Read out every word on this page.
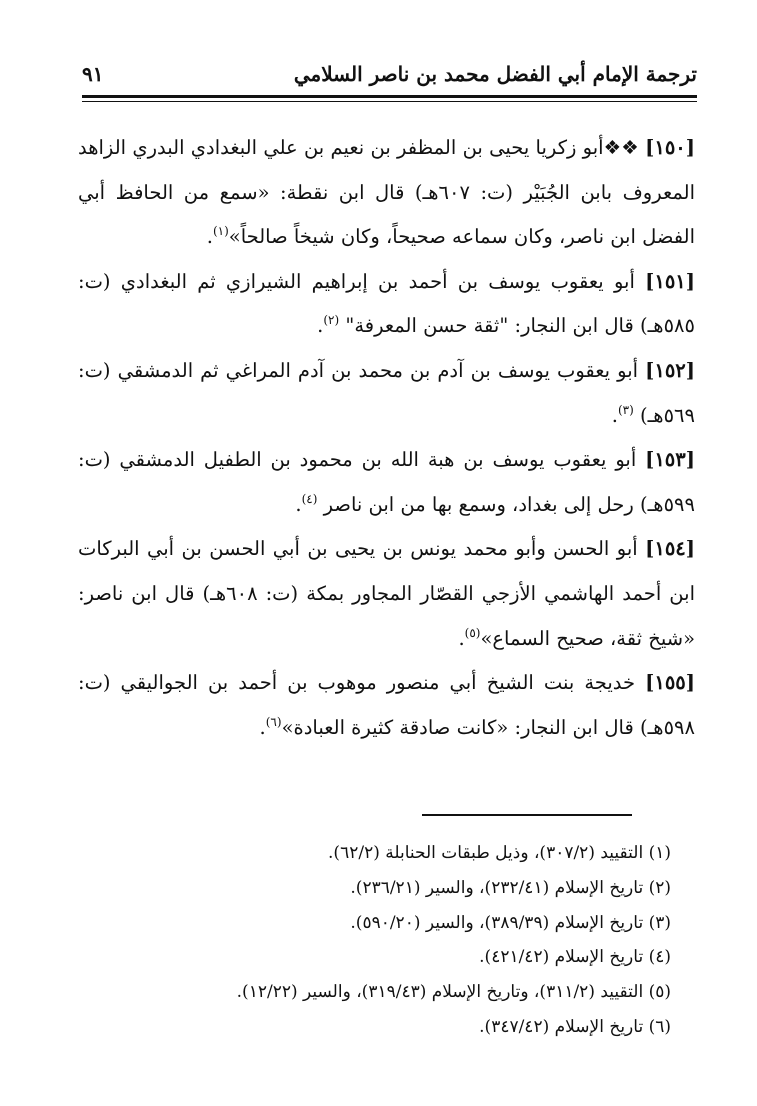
ترجمة الإمام أبي الفضل محمد بن ناصر السلامي
٩١

[١٥٠] ❖❖أبو زكريا يحيى بن المظفر بن نعيم بن علي البغدادي البدري الزاهد المعروف بابن الجُبَيْر (ت: ٦٠٧هـ) قال ابن نقطة: «سمع من الحافظ أبي الفضل ابن ناصر، وكان سماعه صحيحاً، وكان شيخاً صالحاً»$^{(١)}$.

[١٥١] أبو يعقوب يوسف بن أحمد بن إبراهيم الشيرازي ثم البغدادي (ت: ٥٨٥هـ) قال ابن النجار: "ثقة حسن المعرفة" $^{(٢)}$.

[١٥٢] أبو يعقوب يوسف بن آدم بن محمد بن آدم المراغي ثم الدمشقي (ت: ٥٦٩هـ) $^{(٣)}$.

[١٥٣] أبو يعقوب يوسف بن هبة الله بن محمود بن الطفيل الدمشقي (ت: ٥٩٩هـ) رحل إلى بغداد، وسمع بها من ابن ناصر $^{(٤)}$.

[١٥٤] أبو الحسن وأبو محمد يونس بن يحيى بن أبي الحسن بن أبي البركات ابن أحمد الهاشمي الأزجي القصّار المجاور بمكة (ت: ٦٠٨هـ) قال ابن ناصر: «شيخ ثقة، صحيح السماع»$^{(٥)}$.

[١٥٥] خديجة بنت الشيخ أبي منصور موهوب بن أحمد بن الجواليقي (ت: ٥٩٨هـ) قال ابن النجار: «كانت صادقة كثيرة العبادة»$^{(٦)}$.

(١) التقييد (٣٠٧/٢)، وذيل طبقات الحنابلة (٦٢/٢).

(٢) تاريخ الإسلام (٢٣٢/٤١)، والسير (٢٣٦/٢١).

(٣) تاريخ الإسلام (٣٨٩/٣٩)، والسير (٥٩٠/٢٠).

(٤) تاريخ الإسلام (٤٢١/٤٢).

(٥) التقييد (٣١١/٢)، وتاريخ الإسلام (٣١٩/٤٣)، والسير (١٢/٢٢).

(٦) تاريخ الإسلام (٣٤٧/٤٢).
